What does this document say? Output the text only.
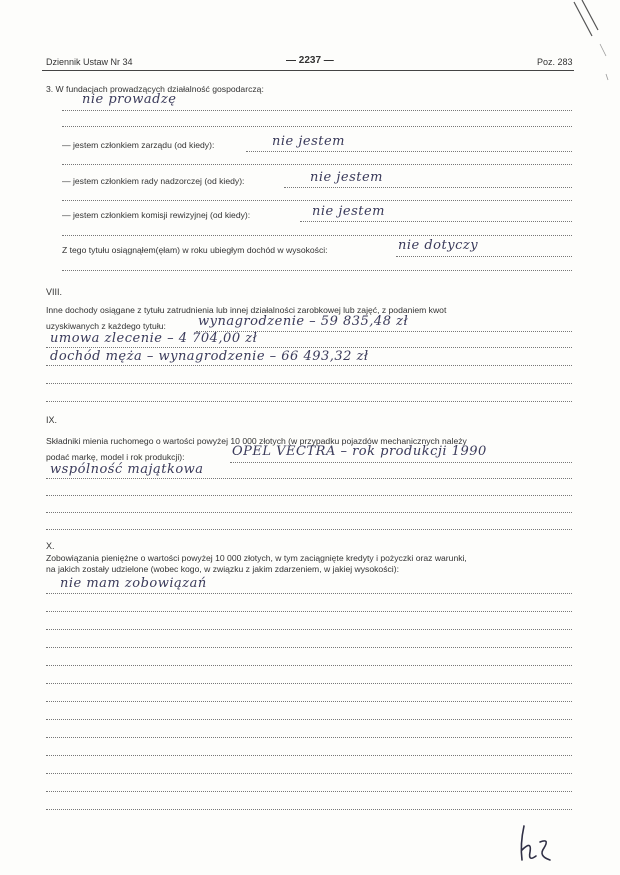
Dziennik Ustaw Nr 34	— 2237 —	Poz. 283
3. W fundacjach prowadzących działalność gospodarczą:
nie prowadzę
— jestem członkiem zarządu (od kiedy):	nie jestem
— jestem członkiem rady nadzorczej (od kiedy):	nie jestem
— jestem członkiem komisji rewizyjnej (od kiedy):	nie jestem
Z tego tytułu osiągnąłem(ęłam) w roku ubiegłym dochód w wysokości:	nie dotyczy
VIII.
Inne dochody osiągane z tytułu zatrudnienia lub innej działalności zarobkowej lub zajęć, z podaniem kwot
uzyskiwanych z każdego tytułu: wynagrodzenie – 59 835,48 zł
umowa zlecenie – 4 704,00 zł
dochód męża – wynagrodzenie – 66 493,32 zł
IX.
Składniki mienia ruchomego o wartości powyżej 10 000 złotych (w przypadku pojazdów mechanicznych należy
podać markę, model i rok produkcji):	OPEL VECTRA – rok produkcji 1990
wspólność majątkowa
X.
Zobowiązania pieniężne o wartości powyżej 10 000 złotych, w tym zaciągnięte kredyty i pożyczki oraz warunki,
na jakich zostały udzielone (wobec kogo, w związku z jakim zdarzeniem, w jakiej wysokości):
nie mam zobowiązań
